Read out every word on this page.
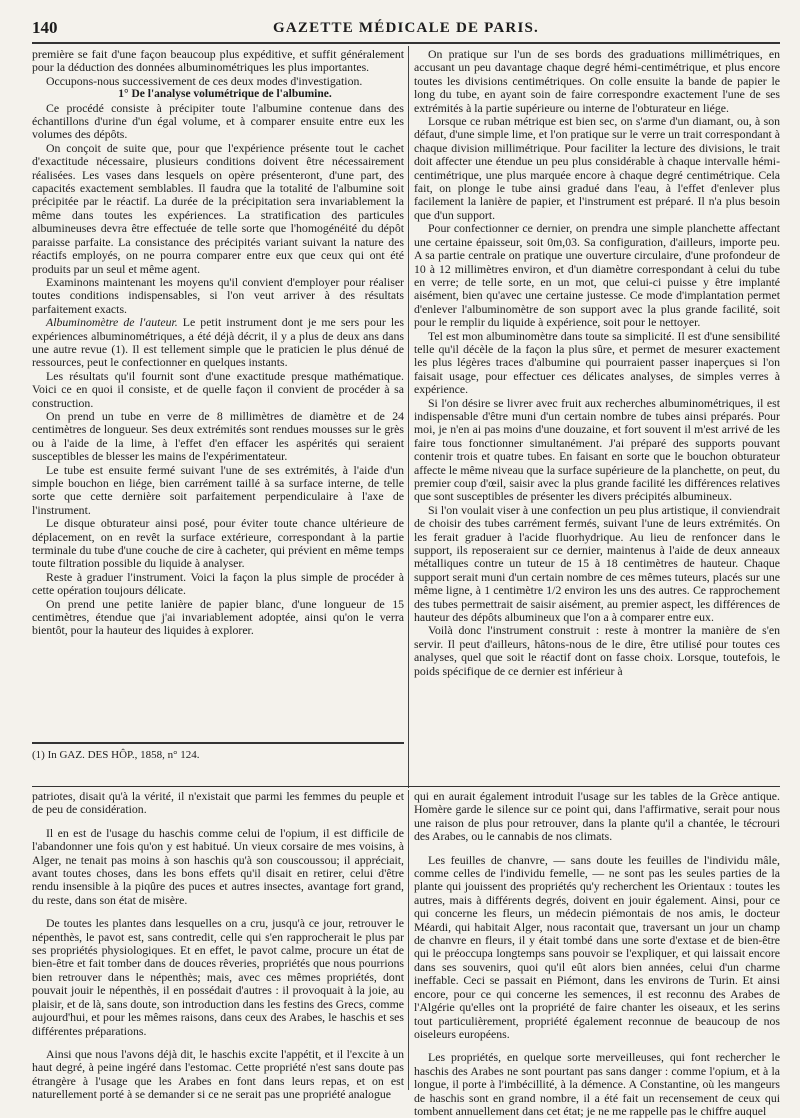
140	GAZETTE MÉDICALE DE PARIS.

première se fait d'une façon beaucoup plus expéditive, et suffit généralement pour la déduction des données albuminométriques les plus importantes.

Occupons-nous successivement de ces deux modes d'investigation.

1° De l'analyse volumétrique de l'albumine.

Ce procédé consiste à précipiter toute l'albumine contenue dans des échantillons d'urine d'un égal volume, et à comparer ensuite entre eux les volumes des dépôts.

On conçoit de suite que, pour que l'expérience présente tout le cachet d'exactitude nécessaire, plusieurs conditions doivent être nécessairement réalisées. Les vases dans lesquels on opère présenteront, d'une part, des capacités exactement semblables. Il faudra que la totalité de l'albumine soit précipitée par le réactif. La durée de la précipitation sera invariablement la même dans toutes les expériences. La stratification des particules albumineuses devra être effectuée de telle sorte que l'homogénéité du dépôt paraisse parfaite. La consistance des précipités variant suivant la nature des réactifs employés, on ne pourra comparer entre eux que ceux qui ont été produits par un seul et même agent.

Examinons maintenant les moyens qu'il convient d'employer pour réaliser toutes conditions indispensables, si l'on veut arriver à des résultats parfaitement exacts.

Albuminomètre de l'auteur. Le petit instrument dont je me sers pour les expériences albuminométriques, a été déjà décrit, il y a plus de deux ans dans une autre revue (1). Il est tellement simple que le praticien le plus dénué de ressources, peut le confectionner en quelques instants.

Les résultats qu'il fournit sont d'une exactitude presque mathématique. Voici ce en quoi il consiste, et de quelle façon il convient de procéder à sa construction.

On prend un tube en verre de 8 millimètres de diamètre et de 24 centimètres de longueur. Ses deux extrémités sont rendues mousses sur le grès ou à l'aide de la lime, à l'effet d'en effacer les aspérités qui seraient susceptibles de blesser les mains de l'expérimentateur.

Le tube est ensuite fermé suivant l'une de ses extrémités, à l'aide d'un simple bouchon en liége, bien carrément taillé à sa surface interne, de telle sorte que cette dernière soit parfaitement perpendiculaire à l'axe de l'instrument.

Le disque obturateur ainsi posé, pour éviter toute chance ultérieure de déplacement, on en revêt la surface extérieure, correspondant à la partie terminale du tube d'une couche de cire à cacheter, qui prévient en même temps toute filtration possible du liquide à analyser.

Reste à graduer l'instrument. Voici la façon la plus simple de procéder à cette opération toujours délicate.

On prend une petite lanière de papier blanc, d'une longueur de 15 centimètres, étendue que j'ai invariablement adoptée, ainsi qu'on le verra bientôt, pour la hauteur des liquides à explorer.

(1) In GAZ. DES HÔP., 1858, n° 124.

On pratique sur l'un de ses bords des graduations millimétriques, en accusant un peu davantage chaque degré hémi-centimétrique, et plus encore toutes les divisions centimétriques. On colle ensuite la bande de papier le long du tube, en ayant soin de faire correspondre exactement l'une de ses extrémités à la partie supérieure ou interne de l'obturateur en liége.

Lorsque ce ruban métrique est bien sec, on s'arme d'un diamant, ou, à son défaut, d'une simple lime, et l'on pratique sur le verre un trait correspondant à chaque division millimétrique. Pour faciliter la lecture des divisions, le trait doit affecter une étendue un peu plus considérable à chaque intervalle hémi-centimétrique, une plus marquée encore à chaque degré centimétrique. Cela fait, on plonge le tube ainsi gradué dans l'eau, à l'effet d'enlever plus facilement la lanière de papier, et l'instrument est préparé. Il n'a plus besoin que d'un support.

Pour confectionner ce dernier, on prendra une simple planchette affectant une certaine épaisseur, soit 0m,03. Sa configuration, d'ailleurs, importe peu. A sa partie centrale on pratique une ouverture circulaire, d'une profondeur de 10 à 12 millimètres environ, et d'un diamètre correspondant à celui du tube en verre; de telle sorte, en un mot, que celui-ci puisse y être implanté aisément, bien qu'avec une certaine justesse. Ce mode d'implantation permet d'enlever l'albuminomètre de son support avec la plus grande facilité, soit pour le remplir du liquide à expérience, soit pour le nettoyer.

Tel est mon albuminomètre dans toute sa simplicité. Il est d'une sensibilité telle qu'il décèle de la façon la plus sûre, et permet de mesurer exactement les plus légères traces d'albumine qui pourraient passer inaperçues si l'on faisait usage, pour effectuer ces délicates analyses, de simples verres à expérience.

Si l'on désire se livrer avec fruit aux recherches albuminométriques, il est indispensable d'être muni d'un certain nombre de tubes ainsi préparés. Pour moi, je n'en ai pas moins d'une douzaine, et fort souvent il m'est arrivé de les faire tous fonctionner simultanément. J'ai préparé des supports pouvant contenir trois et quatre tubes. En faisant en sorte que le bouchon obturateur affecte le même niveau que la surface supérieure de la planchette, on peut, du premier coup d'œil, saisir avec la plus grande facilité les différences relatives que sont susceptibles de présenter les divers précipités albumineux.

Si l'on voulait viser à une confection un peu plus artistique, il conviendrait de choisir des tubes carrément fermés, suivant l'une de leurs extrémités. On les ferait graduer à l'acide fluorhydrique. Au lieu de renfoncer dans le support, ils reposeraient sur ce dernier, maintenus à l'aide de deux anneaux métalliques contre un tuteur de 15 à 18 centimètres de hauteur. Chaque support serait muni d'un certain nombre de ces mêmes tuteurs, placés sur une même ligne, à 1 centimètre 1/2 environ les uns des autres. Ce rapprochement des tubes permettrait de saisir aisément, au premier aspect, les différences de hauteur des dépôts albumineux que l'on a à comparer entre eux.

Voilà donc l'instrument construit : reste à montrer la manière de s'en servir. Il peut d'ailleurs, hâtons-nous de le dire, être utilisé pour toutes ces analyses, quel que soit le réactif dont on fasse choix. Lorsque, toutefois, le poids spécifique de ce dernier est inférieur à

patriotes, disait qu'à la vérité, il n'existait que parmi les femmes du peuple et de peu de considération.

Il en est de l'usage du haschis comme celui de l'opium, il est difficile de l'abandonner une fois qu'on y est habitué. Un vieux corsaire de mes voisins, à Alger, ne tenait pas moins à son haschis qu'à son couscoussou; il appréciait, avant toutes choses, dans les bons effets qu'il disait en retirer, celui d'être rendu insensible à la piqûre des puces et autres insectes, avantage fort grand, du reste, dans son état de misère.

De toutes les plantes dans lesquelles on a cru, jusqu'à ce jour, retrouver le népenthès, le pavot est, sans contredit, celle qui s'en rapprocherait le plus par ses propriétés physiologiques. Et en effet, le pavot calme, procure un état de bien-être et fait tomber dans de douces rêveries, propriétés que nous pourrions bien retrouver dans le népenthès; mais, avec ces mêmes propriétés, dont pouvait jouir le népenthès, il en possédait d'autres : il provoquait à la joie, au plaisir, et de là, sans doute, son introduction dans les festins des Grecs, comme aujourd'hui, et pour les mêmes raisons, dans ceux des Arabes, le haschis et ses différentes préparations.

Ainsi que nous l'avons déjà dit, le haschis excite l'appétit, et il l'excite à un haut degré, à peine ingéré dans l'estomac. Cette propriété n'est sans doute pas étrangère à l'usage que les Arabes en font dans leurs repas, et on est naturellement porté à se demander si ce ne serait pas une propriété analogue

qui en aurait également introduit l'usage sur les tables de la Grèce antique. Homère garde le silence sur ce point qui, dans l'affirmative, serait pour nous une raison de plus pour retrouver, dans la plante qu'il a chantée, le técrouri des Arabes, ou le cannabis de nos climats.

Les feuilles de chanvre, — sans doute les feuilles de l'individu mâle, comme celles de l'individu femelle, — ne sont pas les seules parties de la plante qui jouissent des propriétés qu'y recherchent les Orientaux : toutes les autres, mais à différents degrés, doivent en jouir également. Ainsi, pour ce qui concerne les fleurs, un médecin piémontais de nos amis, le docteur Méardi, qui habitait Alger, nous racontait que, traversant un jour un champ de chanvre en fleurs, il y était tombé dans une sorte d'extase et de bien-être qui le préoccupa longtemps sans pouvoir se l'expliquer, et qui laissait encore dans ses souvenirs, quoi qu'il eût alors bien années, celui d'un charme ineffable. Ceci se passait en Piémont, dans les environs de Turin. Et ainsi encore, pour ce qui concerne les semences, il est reconnu des Arabes de l'Algérie qu'elles ont la propriété de faire chanter les oiseaux, et les serins tout particulièrement, propriété également reconnue de beaucoup de nos oiseleurs européens.

Les propriétés, en quelque sorte merveilleuses, qui font rechercher le haschis des Arabes ne sont pourtant pas sans danger : comme l'opium, et à la longue, il porte à l'imbécillité, à la démence. A Constantine, où les mangeurs de haschis sont en grand nombre, il a été fait un recensement de ceux qui tombent annuellement dans cet état; je ne me rappelle pas le chiffre auquel
